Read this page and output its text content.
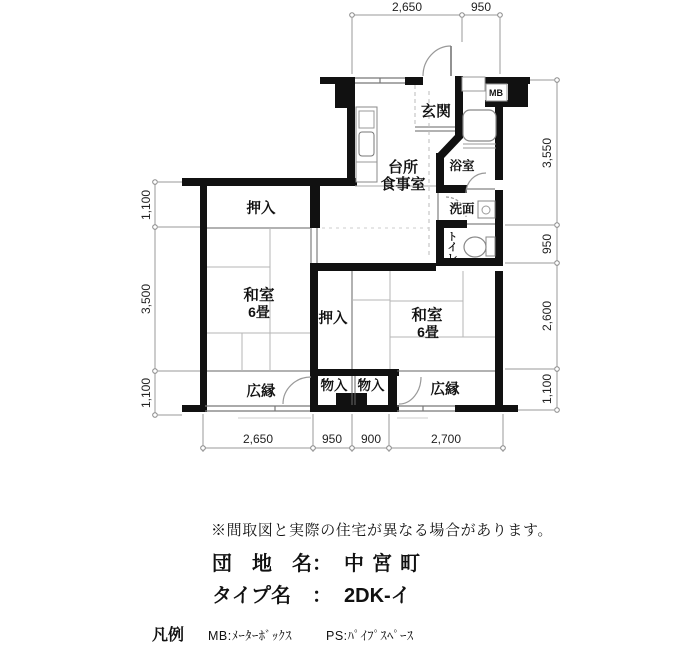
MB
玄関
台所
食事室
浴室
洗面
トイレ
押入
押入
和室
6畳	和室
6畳
物入 物入
広縁	広縁
2,650	950
3,550
950
2,600
1,100
1,100
3,500
1,100
2,650	950 900	2,700
※間取図と実際の住宅が異なる場合があります。
団　地　名 ： 中宮町
タイプ名 ： 2DK-イ
凡例 MB:ﾒｰﾀｰﾎﾞｯｸｽ	PS:ﾊﾟｲﾌﾟｽﾍﾟｰｽ
